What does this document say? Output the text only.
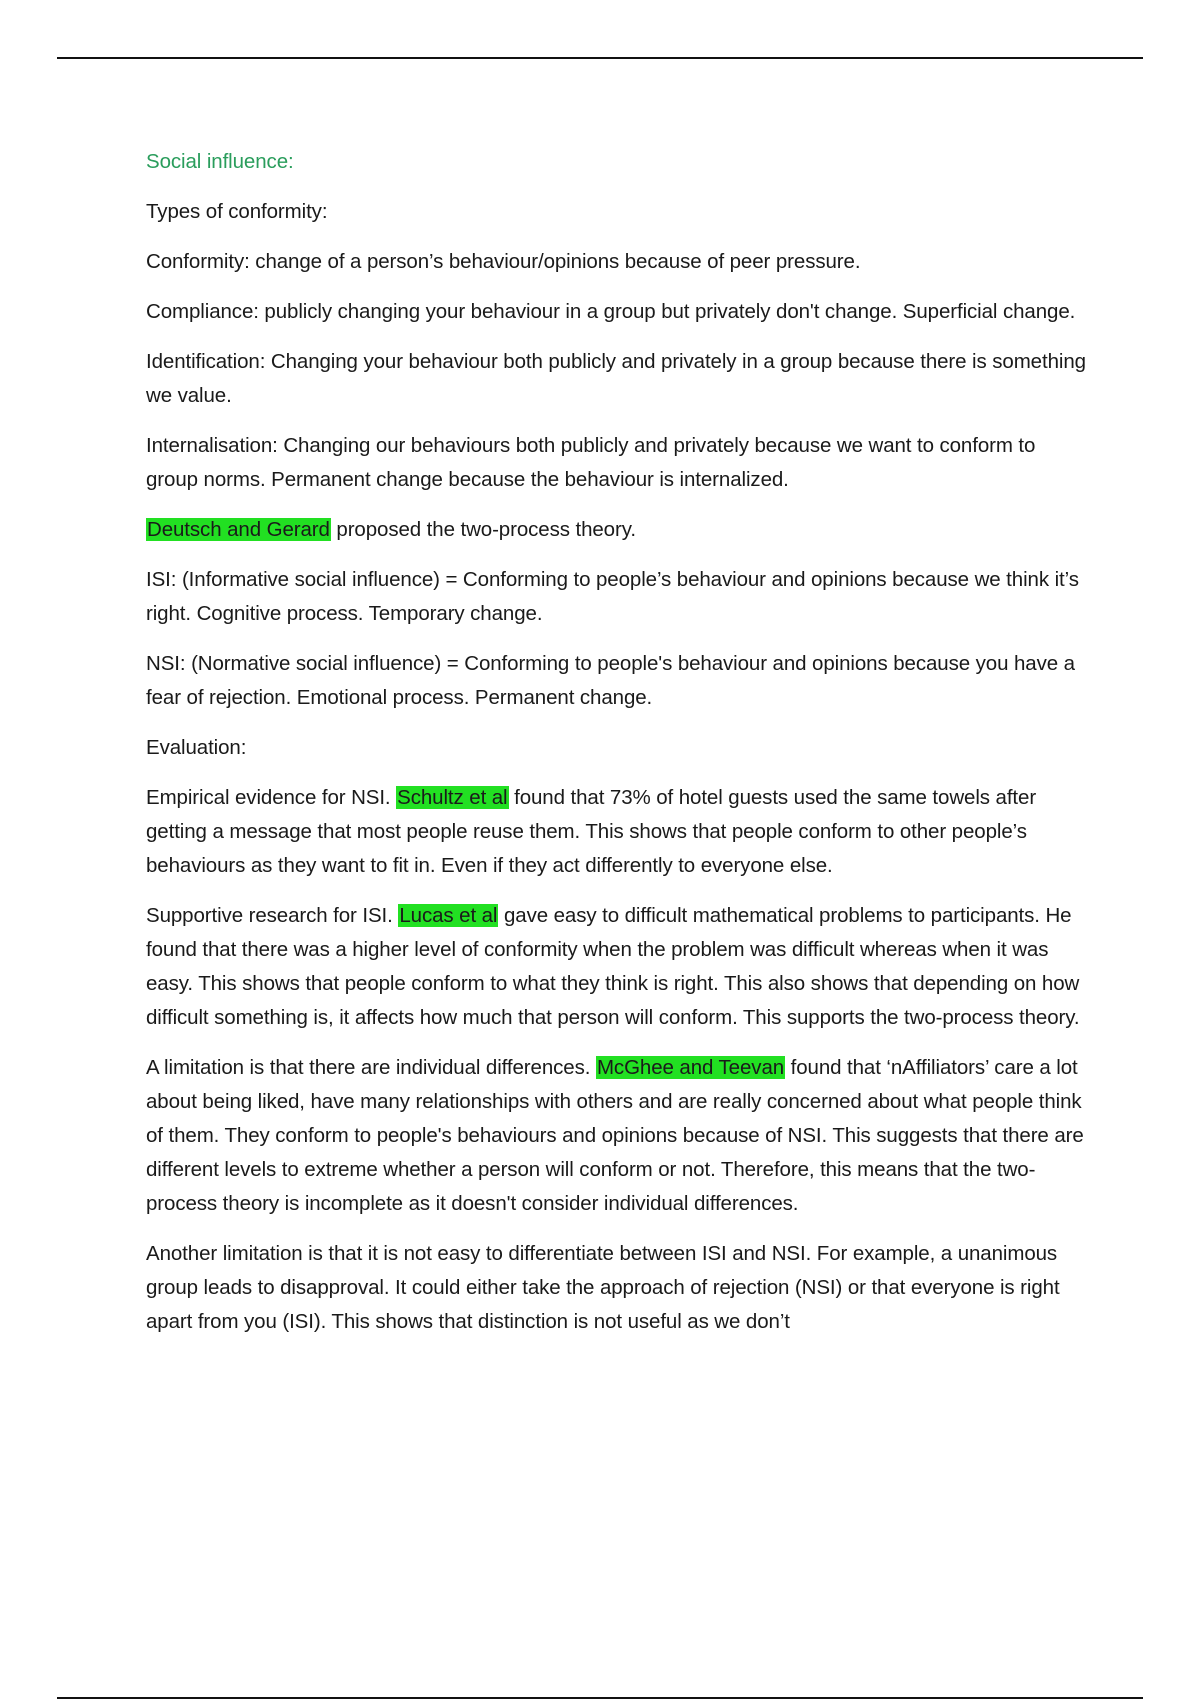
Social influence:

Types of conformity:

Conformity: change of a person’s behaviour/opinions because of peer pressure.

Compliance: publicly changing your behaviour in a group but privately don't change. Superficial change.

Identification: Changing your behaviour both publicly and privately in a group because there is something we value.

Internalisation: Changing our behaviours both publicly and privately because we want to conform to group norms. Permanent change because the behaviour is internalized.

Deutsch and Gerard proposed the two-process theory.

ISI: (Informative social influence) = Conforming to people’s behaviour and opinions because we think it’s right. Cognitive process. Temporary change.

NSI: (Normative social influence) = Conforming to people's behaviour and opinions because you have a fear of rejection. Emotional process. Permanent change.

Evaluation:

Empirical evidence for NSI. Schultz et al found that 73% of hotel guests used the same towels after getting a message that most people reuse them. This shows that people conform to other people’s behaviours as they want to fit in. Even if they act differently to everyone else.

Supportive research for ISI. Lucas et al gave easy to difficult mathematical problems to participants. He found that there was a higher level of conformity when the problem was difficult whereas when it was easy. This shows that people conform to what they think is right. This also shows that depending on how difficult something is, it affects how much that person will conform. This supports the two-process theory.

A limitation is that there are individual differences. McGhee and Teevan found that ‘nAffiliators’ care a lot about being liked, have many relationships with others and are really concerned about what people think of them. They conform to people's behaviours and opinions because of NSI. This suggests that there are different levels to extreme whether a person will conform or not. Therefore, this means that the two-process theory is incomplete as it doesn't consider individual differences.

Another limitation is that it is not easy to differentiate between ISI and NSI. For example, a unanimous group leads to disapproval. It could either take the approach of rejection (NSI) or that everyone is right apart from you (ISI). This shows that distinction is not useful as we don’t
